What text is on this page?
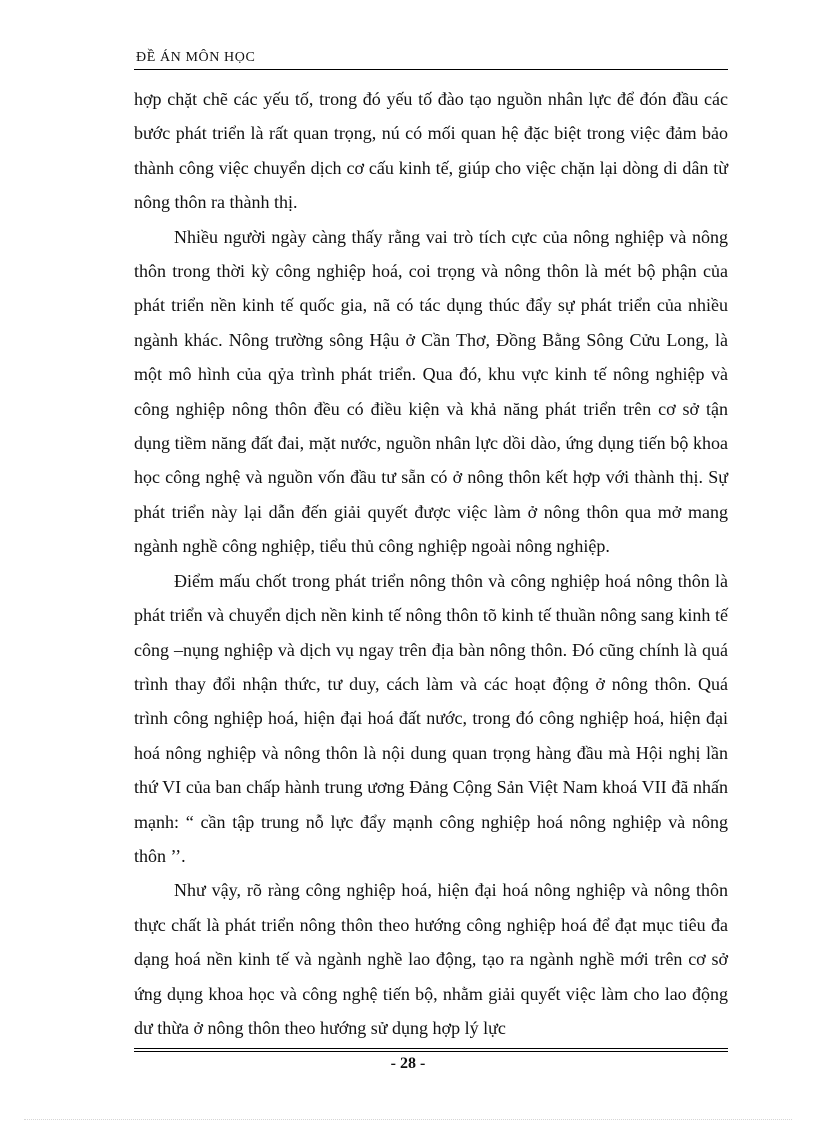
ĐỀ ÁN MÔN HỌC

hợp chặt chẽ các yếu tố, trong đó yếu tố đào tạo nguồn nhân lực để đón đầu các bước phát triển là rất quan trọng, nú có mối quan hệ đặc biệt trong việc đảm bảo thành công việc chuyển dịch cơ cấu kinh tế, giúp cho việc chặn lại dòng di dân từ nông thôn ra thành thị.

Nhiều người ngày càng thấy rằng vai trò tích cực của nông nghiệp và nông thôn trong thời kỳ công nghiệp hoá, coi trọng và nông thôn là mét bộ phận của phát triển nền kinh tế quốc gia, nã có tác dụng thúc đẩy sự phát triển của nhiều ngành khác. Nông trường sông Hậu ở Cần Thơ, Đồng Bằng Sông Cửu Long, là một mô hình của qỷa trình phát triển. Qua đó, khu vực kinh tế nông nghiệp và công nghiệp nông thôn đều có điều kiện và khả năng phát triển trên cơ sở tận dụng tiềm năng đất đai, mặt nước, nguồn nhân lực dồi dào, ứng dụng tiến bộ khoa học công nghệ và nguồn vốn đầu tư sẵn có ở nông thôn kết hợp với thành thị. Sự phát triển này lại dẫn đến giải quyết được việc làm ở nông thôn qua mở mang ngành nghề công nghiệp, tiểu thủ công nghiệp ngoài nông nghiệp.

Điểm mấu chốt trong phát triển nông thôn và công nghiệp hoá nông thôn là phát triển và chuyển dịch nền kinh tế nông thôn tõ kinh tế thuần nông sang kinh tế công –nụng nghiệp và dịch vụ ngay trên địa bàn nông thôn. Đó cũng chính là quá trình thay đổi nhận thức, tư duy, cách làm và các hoạt động ở nông thôn. Quá trình công nghiệp hoá, hiện đại hoá đất nước, trong đó công nghiệp hoá, hiện đại hoá nông nghiệp và nông thôn là nội dung quan trọng hàng đầu mà Hội nghị lần thứ VI của ban chấp hành trung ương Đảng Cộng Sản Việt Nam khoá VII đã nhấn mạnh: “ cần tập trung nỗ lực đẩy mạnh công nghiệp hoá nông nghiệp và nông thôn ’’.

Như vậy, rõ ràng công nghiệp hoá, hiện đại hoá nông nghiệp và nông thôn thực chất là phát triển nông thôn theo hướng công nghiệp hoá để đạt mục tiêu đa dạng hoá nền kinh tế và ngành nghề lao động, tạo ra ngành nghề mới trên cơ sở ứng dụng khoa học và công nghệ tiến bộ, nhằm giải quyết việc làm cho lao động dư thừa ở nông thôn theo hướng sử dụng hợp lý lực

- 28 -
